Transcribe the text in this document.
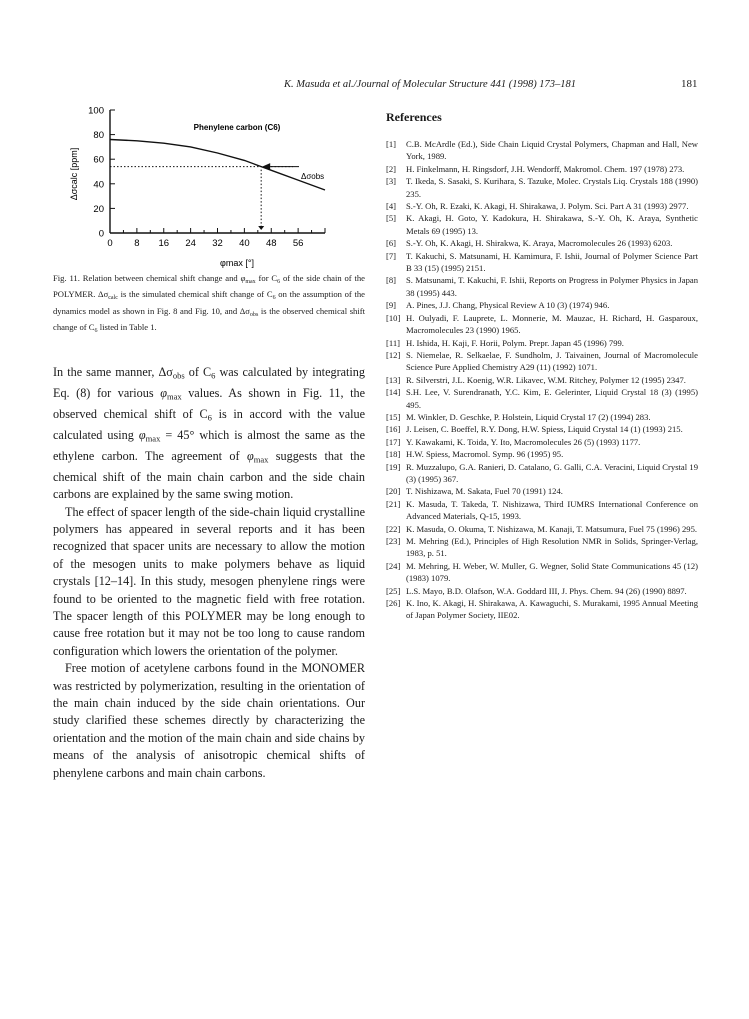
K. Masuda et al./Journal of Molecular Structure 441 (1998) 173–181	181
Phenylene carbon (C6)
φmax [°]
Δσcalc [ppm]	Δσobs
0
20
40
60
80
100
0 8 16 24 32 40 48 56
Fig. 11. Relation between chemical shift change and $\varphi_{max}$ for $C_6$ of the side chain of the POLYMER. $\Delta\sigma_{calc}$ is the simulated chemical shift change of $C_6$ on the assumption of the dynamics model as shown in Fig. 8 and Fig. 10, and $\Delta\sigma_{obs}$ is the observed chemical shift change of $C_6$ listed in Table 1.

In the same manner, $\Delta\sigma_{obs}$ of $C_6$ was calculated by integrating Eq. (8) for various $\varphi_{max}$ values. As shown in Fig. 11, the observed chemical shift of $C_6$ is in accord with the value calculated using $\varphi_{max} = 45^\circ$ which is almost the same as the ethylene carbon. The agreement of $\varphi_{max}$ suggests that the chemical shift of the main chain carbon and the side chain carbons are explained by the same swing motion.

The effect of spacer length of the side-chain liquid crystalline polymers has appeared in several reports and it has been recognized that spacer units are necessary to allow the motion of the mesogen units to make polymers behave as liquid crystals [12–14]. In this study, mesogen phenylene rings were found to be oriented to the magnetic field with free rotation. The spacer length of this POLYMER may be long enough to cause free rotation but it may not be too long to cause random configuration which lowers the orientation of the polymer.

Free motion of acetylene carbons found in the MONOMER was restricted by polymerization, resulting in the orientation of the main chain induced by the side chain orientations. Our study clarified these schemes directly by characterizing the orientation and the motion of the main chain and side chains by means of the analysis of anisotropic chemical shifts of phenylene carbons and main chain carbons.

References
[1]	C.B. McArdle (Ed.), Side Chain Liquid Crystal Polymers, Chapman and Hall, New York, 1989.
[2]	H. Finkelmann, H. Ringsdorf, J.H. Wendorff, Makromol. Chem. 197 (1978) 273.
[3]	T. Ikeda, S. Sasaki, S. Kurihara, S. Tazuke, Molec. Crystals Liq. Crystals 188 (1990) 235.
[4]	S.-Y. Oh, R. Ezaki, K. Akagi, H. Shirakawa, J. Polym. Sci. Part A 31 (1993) 2977.
[5]	K. Akagi, H. Goto, Y. Kadokura, H. Shirakawa, S.-Y. Oh, K. Araya, Synthetic Metals 69 (1995) 13.
[6]	S.-Y. Oh, K. Akagi, H. Shirakwa, K. Araya, Macromolecules 26 (1993) 6203.
[7]	T. Kakuchi, S. Matsunami, H. Kamimura, F. Ishii, Journal of Polymer Science Part B 33 (15) (1995) 2151.
[8]	S. Matsunami, T. Kakuchi, F. Ishii, Reports on Progress in Polymer Physics in Japan 38 (1995) 443.
[9]	A. Pines, J.J. Chang, Physical Review A 10 (3) (1974) 946.
[10] H. Oulyadi, F. Lauprete, L. Monnerie, M. Mauzac, H. Richard, H. Gasparoux, Macromolecules 23 (1990) 1965.
[11] H. Ishida, H. Kaji, F. Horii, Polym. Prepr. Japan 45 (1996) 799.
[12] S. Niemelae, R. Selkaelae, F. Sundholm, J. Taivainen, Journal of Macromolecule Science Pure Applied Chemistry A29 (11) (1992) 1071.
[13] R. Silverstri, J.L. Koenig, W.R. Likavec, W.M. Ritchey, Polymer 12 (1995) 2347.
[14] S.H. Lee, V. Surendranath, Y.C. Kim, E. Gelerinter, Liquid Crystal 18 (3) (1995) 495.
[15] M. Winkler, D. Geschke, P. Holstein, Liquid Crystal 17 (2) (1994) 283.
[16] J. Leisen, C. Boeffel, R.Y. Dong, H.W. Spiess, Liquid Crystal 14 (1) (1993) 215.
[17] Y. Kawakami, K. Toida, Y. Ito, Macromolecules 26 (5) (1993) 1177.
[18] H.W. Spiess, Macromol. Symp. 96 (1995) 95.
[19] R. Muzzalupo, G.A. Ranieri, D. Catalano, G. Galli, C.A. Veracini, Liquid Crystal 19 (3) (1995) 367.
[20] T. Nishizawa, M. Sakata, Fuel 70 (1991) 124.
[21] K. Masuda, T. Takeda, T. Nishizawa, Third IUMRS International Conference on Advanced Materials, Q-15, 1993.
[22] K. Masuda, O. Okuma, T. Nishizawa, M. Kanaji, T. Matsumura, Fuel 75 (1996) 295.
[23] M. Mehring (Ed.), Principles of High Resolution NMR in Solids, Springer-Verlag, 1983, p. 51.
[24] M. Mehring, H. Weber, W. Muller, G. Wegner, Solid State Communications 45 (12) (1983) 1079.
[25] L.S. Mayo, B.D. Olafson, W.A. Goddard III, J. Phys. Chem. 94 (26) (1990) 8897.
[26] K. Ino, K. Akagi, H. Shirakawa, A. Kawaguchi, S. Murakami, 1995 Annual Meeting of Japan Polymer Society, IIE02.
